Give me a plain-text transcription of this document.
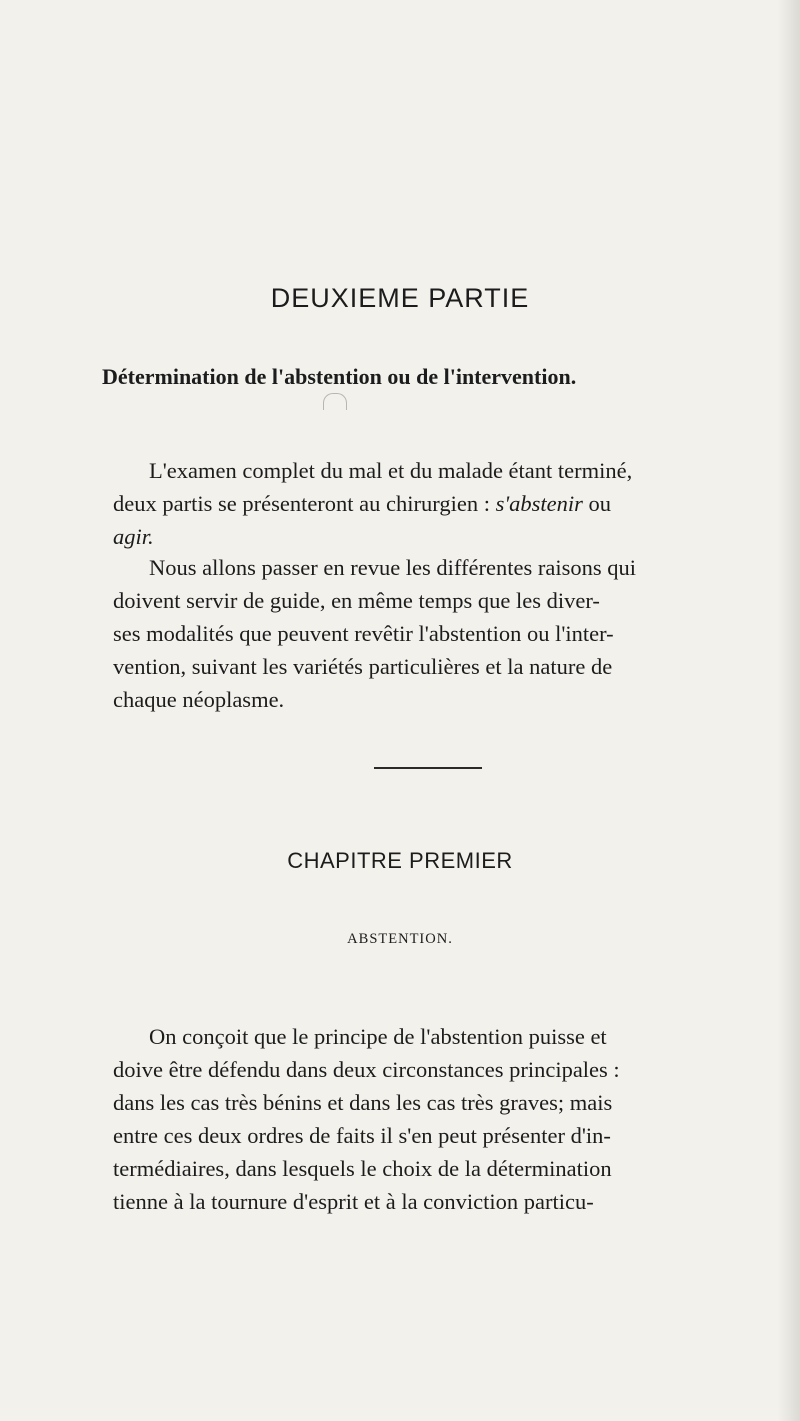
DEUXIEME PARTIE
Détermination de l'abstention ou de l'intervention.
L'examen complet du mal et du malade étant terminé,
deux partis se présenteront au chirurgien : s'abstenir ou
agir.
Nous allons passer en revue les différentes raisons qui
doivent servir de guide, en même temps que les diver-
ses modalités que peuvent revêtir l'abstention ou l'inter-
vention, suivant les variétés particulières et la nature de
chaque néoplasme.
CHAPITRE PREMIER
ABSTENTION.
On conçoit que le principe de l'abstention puisse et
doive être défendu dans deux circonstances principales :
dans les cas très bénins et dans les cas très graves; mais
entre ces deux ordres de faits il s'en peut présenter d'in-
termédiaires, dans lesquels le choix de la détermination
tienne à la tournure d'esprit et à la conviction particu-
